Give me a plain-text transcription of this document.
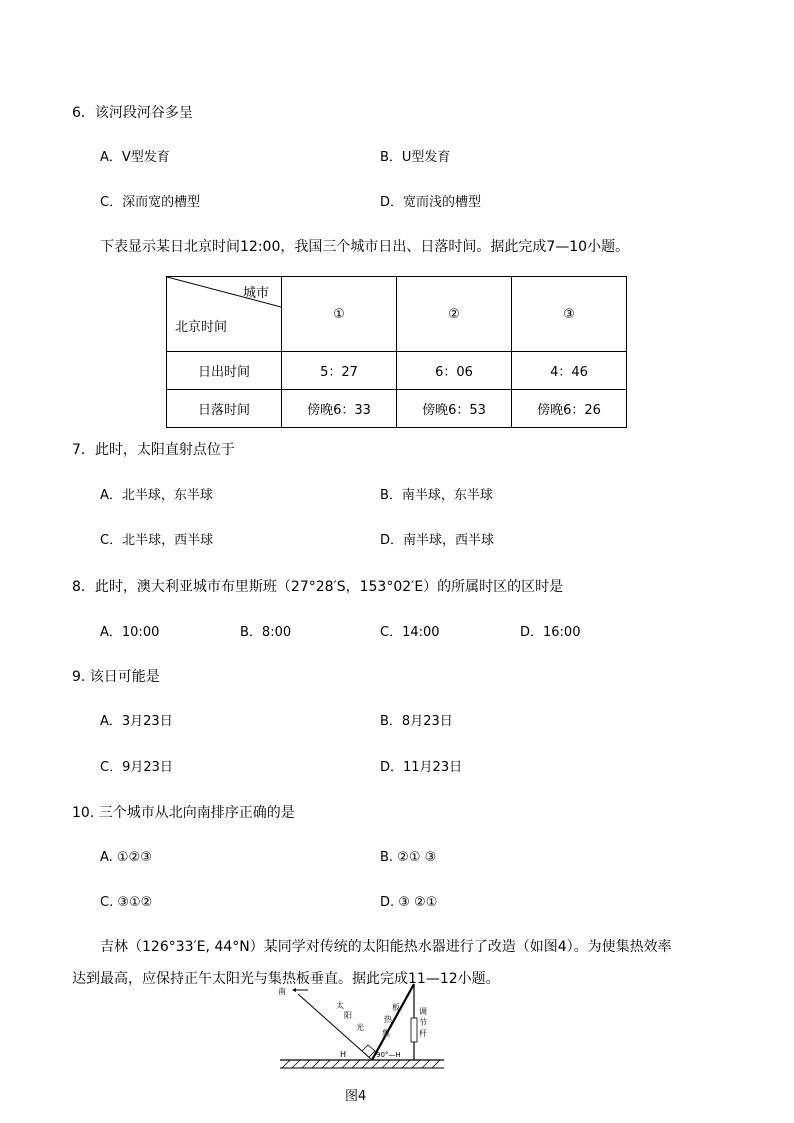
6．该河段河谷多呈
A．V型发育	B．U型发育
C．深而宽的槽型	D．宽而浅的槽型
下表显示某日北京时间12:00，我国三个城市日出、日落时间。据此完成7—10小题。
城市
北京时间	①	②	③
日出时间	5：27	6：06	4：46
日落时间	傍晚6：33	傍晚6：53	傍晚6：26
7．此时，太阳直射点位于
A．北半球，东半球	B．南半球，东半球
C．北半球，西半球	D．南半球，西半球
8．此时，澳大利亚城市布里斯班（27°28′S，153°02′E）的所属时区的区时是
A．10:00	B．8:00	C．14:00	D．16:00
9. 该日可能是
A．3月23日	B．8月23日
C．9月23日	D．11月23日
10. 三个城市从北向南排序正确的是
A. ①②③	B. ②① ③
C. ③①②	D. ③ ②①
吉林（126°33′E, 44°N）某同学对传统的太阳能热水器进行了改造（如图4）。为使集热效率
达到最高，应保持正午太阳光与集热板垂直。据此完成11—12小题。
南
太
阳
光
集
热
板 调
节
杆
H	90°—H
图4
